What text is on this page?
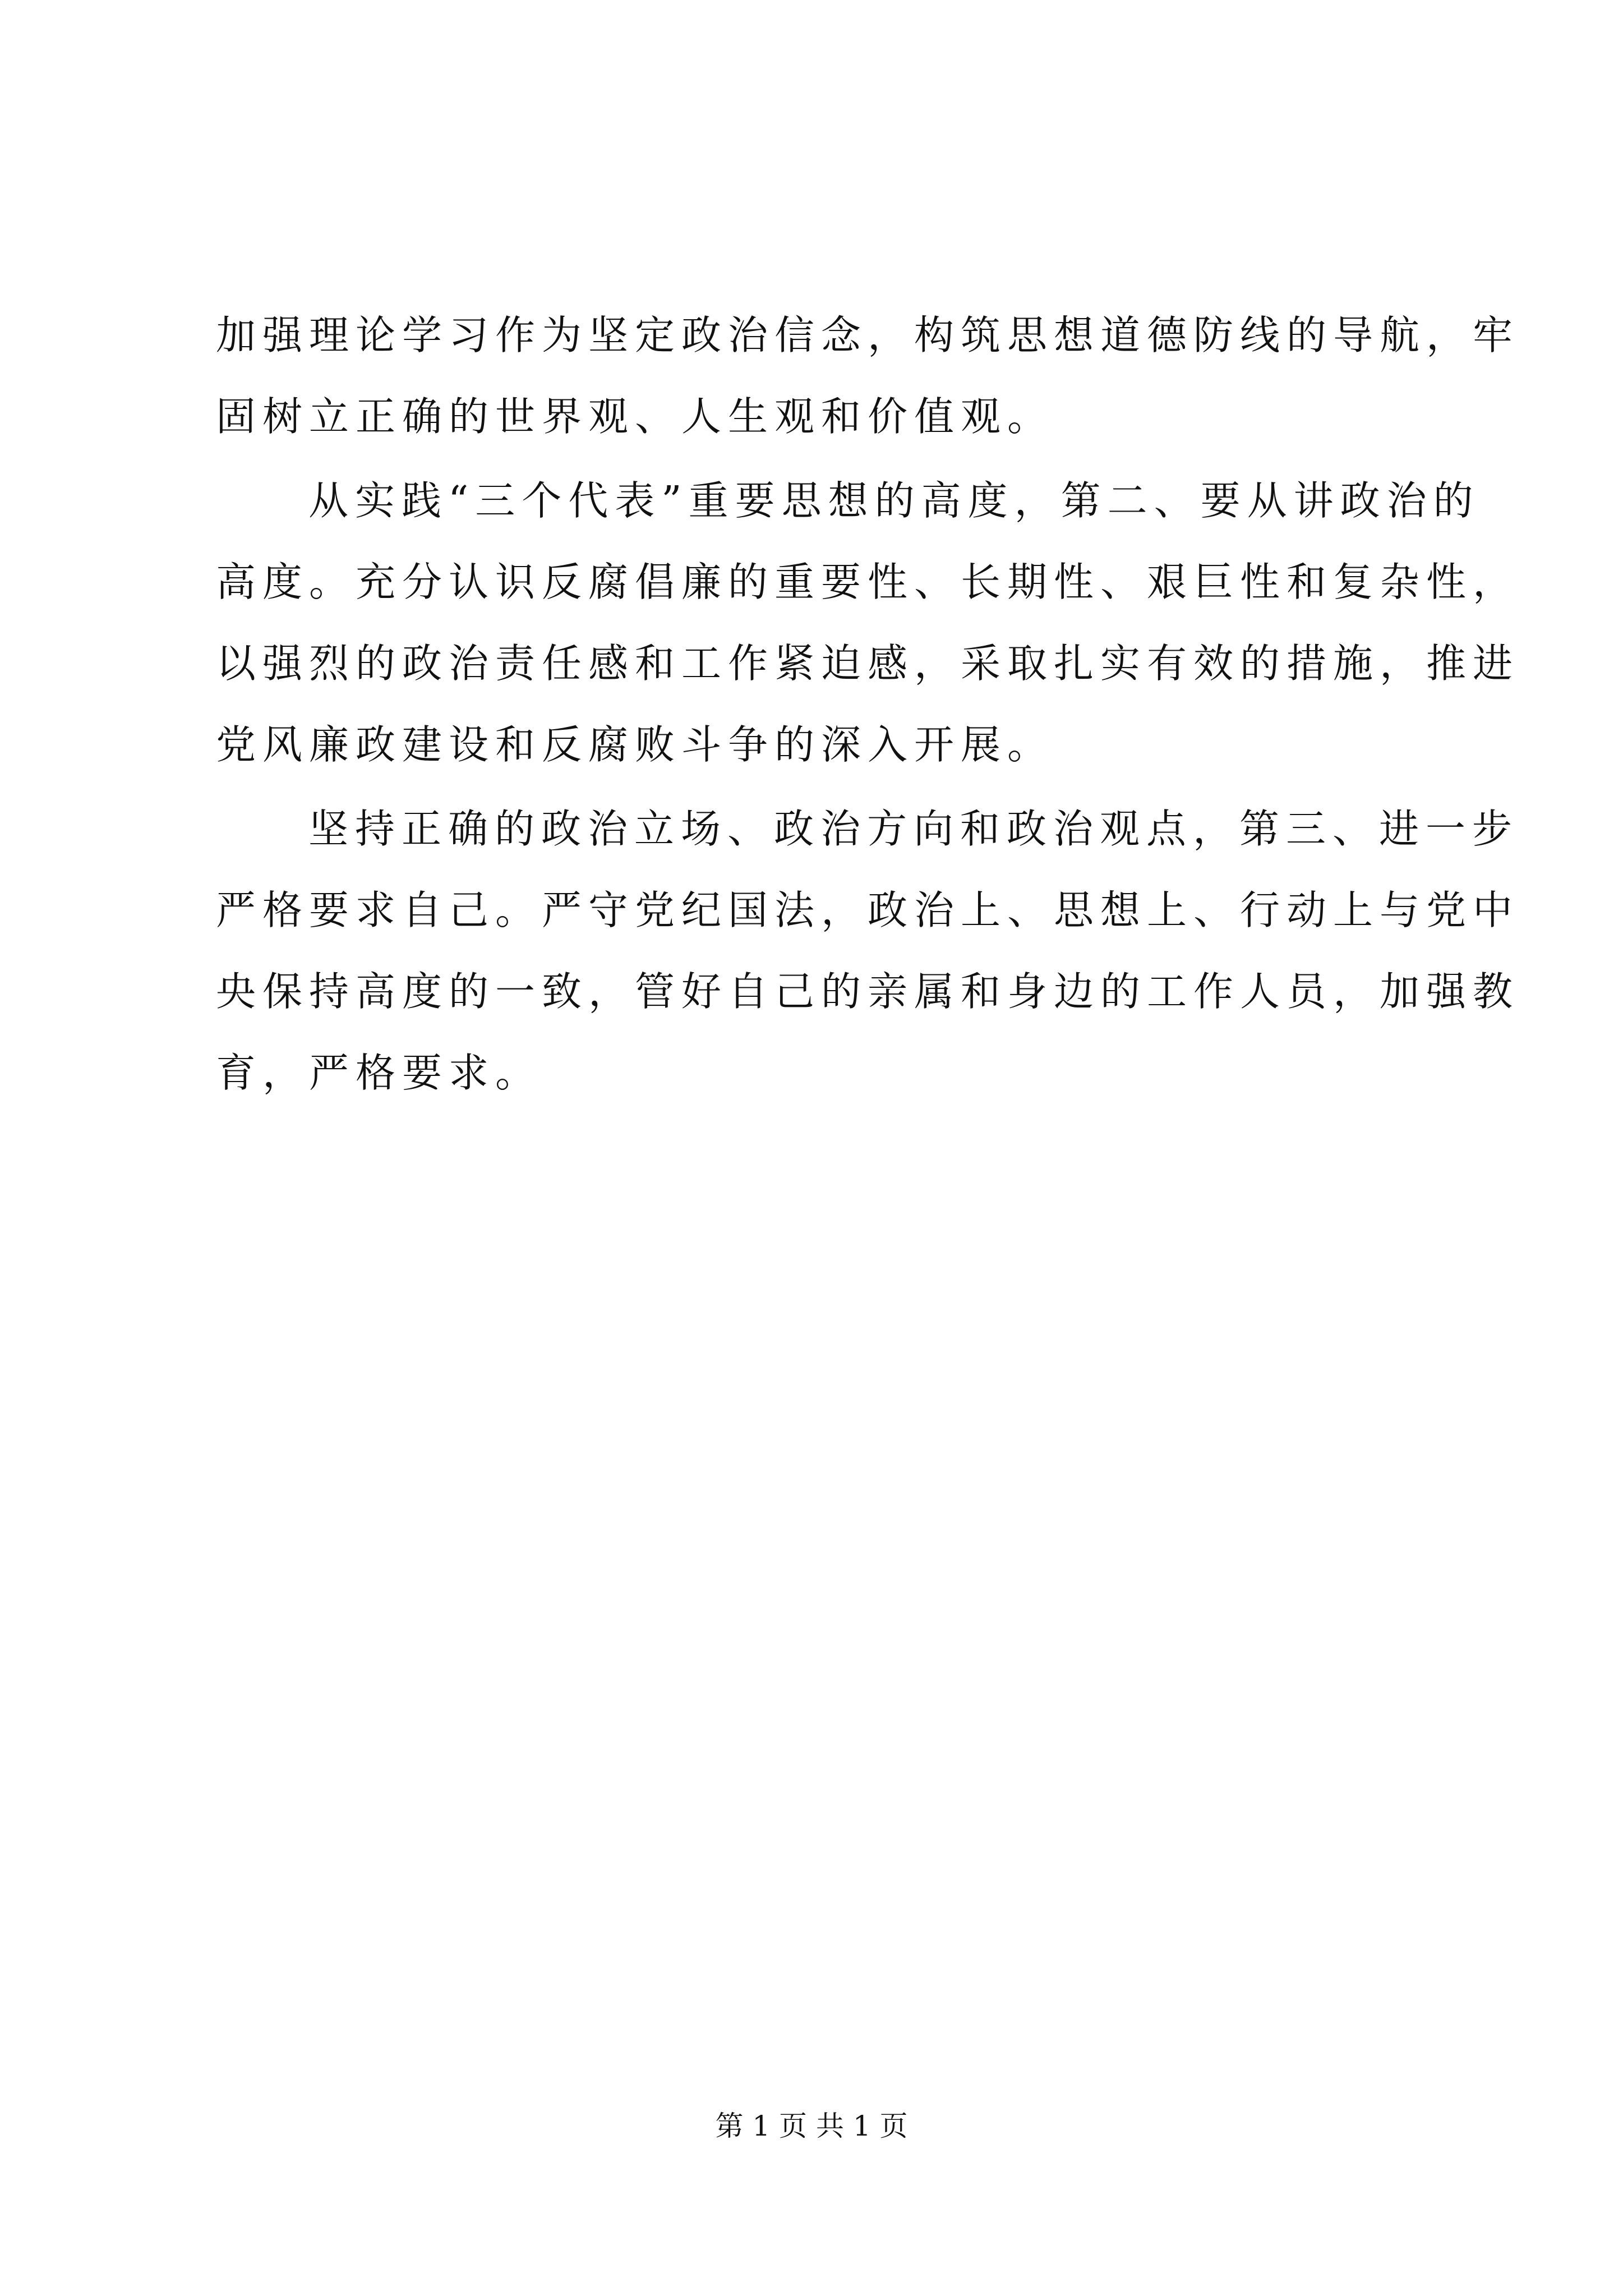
加强理论学习作为坚定政治信念，构筑思想道德防线的导航，牢
固树立正确的世界观、人生观和价值观。
从实践“三个代表”重要思想的高度，第二、要从讲政治的
高度。充分认识反腐倡廉的重要性、长期性、艰巨性和复杂性，
以强烈的政治责任感和工作紧迫感，采取扎实有效的措施，推进
党风廉政建设和反腐败斗争的深入开展。
坚持正确的政治立场、政治方向和政治观点，第三、进一步
严格要求自己。严守党纪国法，政治上、思想上、行动上与党中
央保持高度的一致，管好自己的亲属和身边的工作人员，加强教
育，严格要求。
第 1 页 共 1 页
